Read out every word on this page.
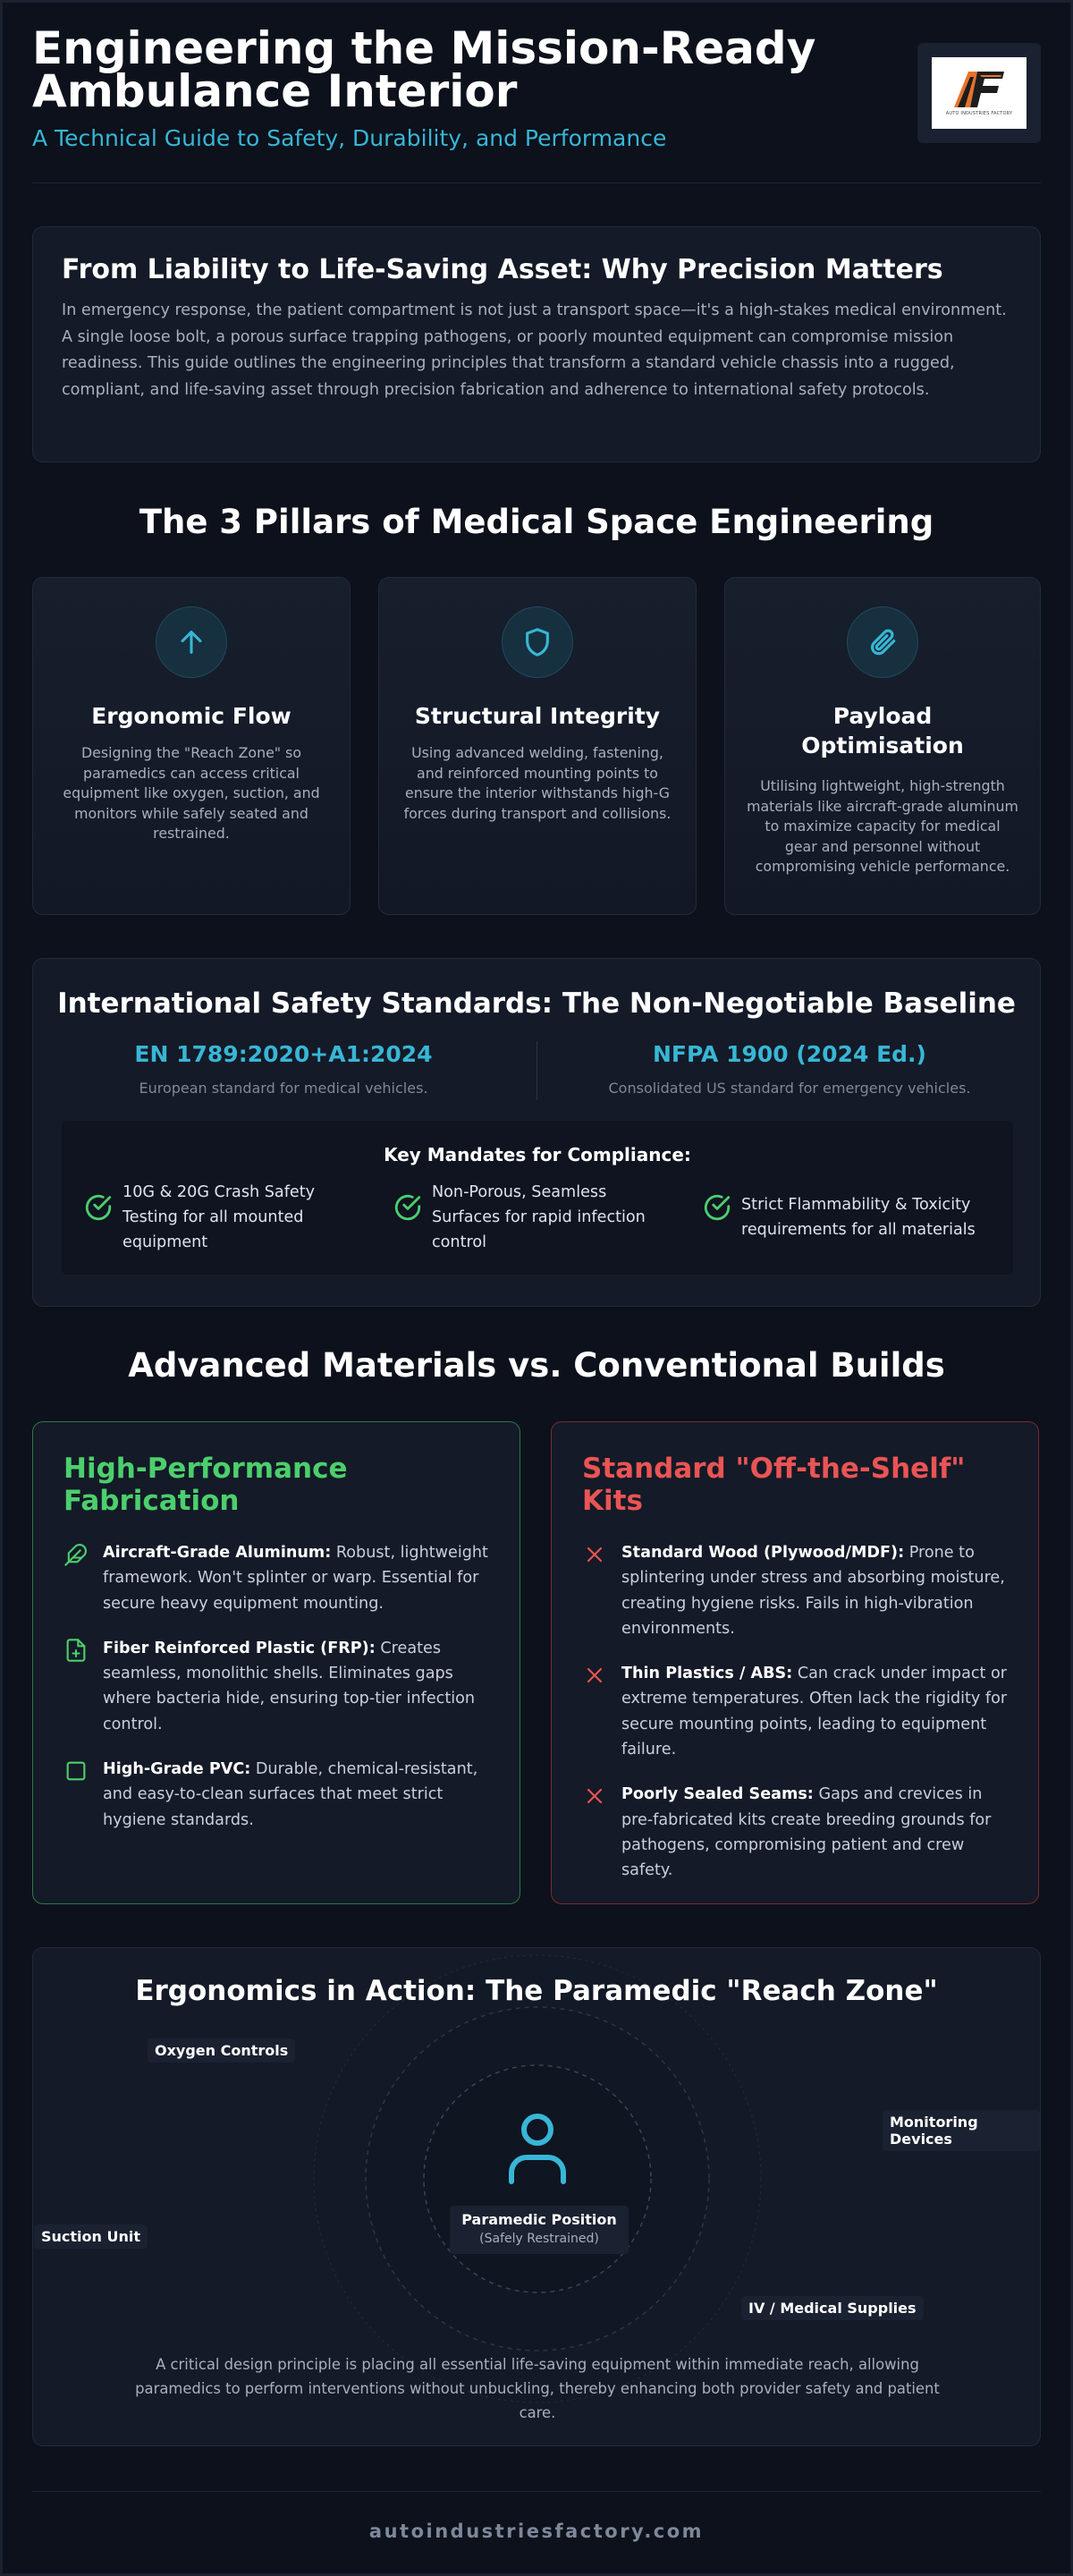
Engineering the Mission-Ready Ambulance Interior
A Technical Guide to Safety, Durability, and Performance
AUTO INDUSTRIES FACTORY
From Liability to Life-Saving Asset: Why Precision Matters

In emergency response, the patient compartment is not just a transport space—it's a high-stakes medical environment. A single loose bolt, a porous surface trapping pathogens, or poorly mounted equipment can compromise mission readiness. This guide outlines the engineering principles that transform a standard vehicle chassis into a rugged, compliant, and life-saving asset through precision fabrication and adherence to international safety protocols.

The 3 Pillars of Medical Space Engineering
Ergonomic Flow

Designing the "Reach Zone" so paramedics can access critical equipment like oxygen, suction, and monitors while safely seated and restrained.

Structural Integrity

Using advanced welding, fastening, and reinforced mounting points to ensure the interior withstands high-G forces during transport and collisions.

Payload Optimisation

Utilising lightweight, high-strength materials like aircraft-grade aluminum to maximize capacity for medical gear and personnel without compromising vehicle performance.

International Safety Standards: The Non-Negotiable Baseline
EN 1789:2020+A1:2024
European standard for medical vehicles.
NFPA 1900 (2024 Ed.)
Consolidated US standard for emergency vehicles.
Key Mandates for Compliance:
10G & 20G Crash Safety Testing for all mounted equipment
Non-Porous, Seamless Surfaces for rapid infection control
Strict Flammability & Toxicity requirements for all materials
Advanced Materials vs. Conventional Builds
High-Performance Fabrication

Aircraft-Grade Aluminum: Robust, lightweight framework. Won't splinter or warp. Essential for secure heavy equipment mounting.

Fiber Reinforced Plastic (FRP): Creates seamless, monolithic shells. Eliminates gaps where bacteria hide, ensuring top-tier infection control.

High-Grade PVC: Durable, chemical-resistant, and easy-to-clean surfaces that meet strict hygiene standards.

Standard "Off-the-Shelf" Kits

Standard Wood (Plywood/MDF): Prone to splintering under stress and absorbing moisture, creating hygiene risks. Fails in high-vibration environments.

Thin Plastics / ABS: Can crack under impact or extreme temperatures. Often lack the rigidity for secure mounting points, leading to equipment failure.

Poorly Sealed Seams: Gaps and crevices in pre-fabricated kits create breeding grounds for pathogens, compromising patient and crew safety.

Ergonomics in Action: The Paramedic "Reach Zone"
Oxygen Controls
Monitoring Devices
Suction Unit
IV / Medical Supplies
Paramedic Position
(Safely Restrained)

A critical design principle is placing all essential life-saving equipment within immediate reach, allowing paramedics to perform interventions without unbuckling, thereby enhancing both provider safety and patient care.

autoindustriesfactory.com
